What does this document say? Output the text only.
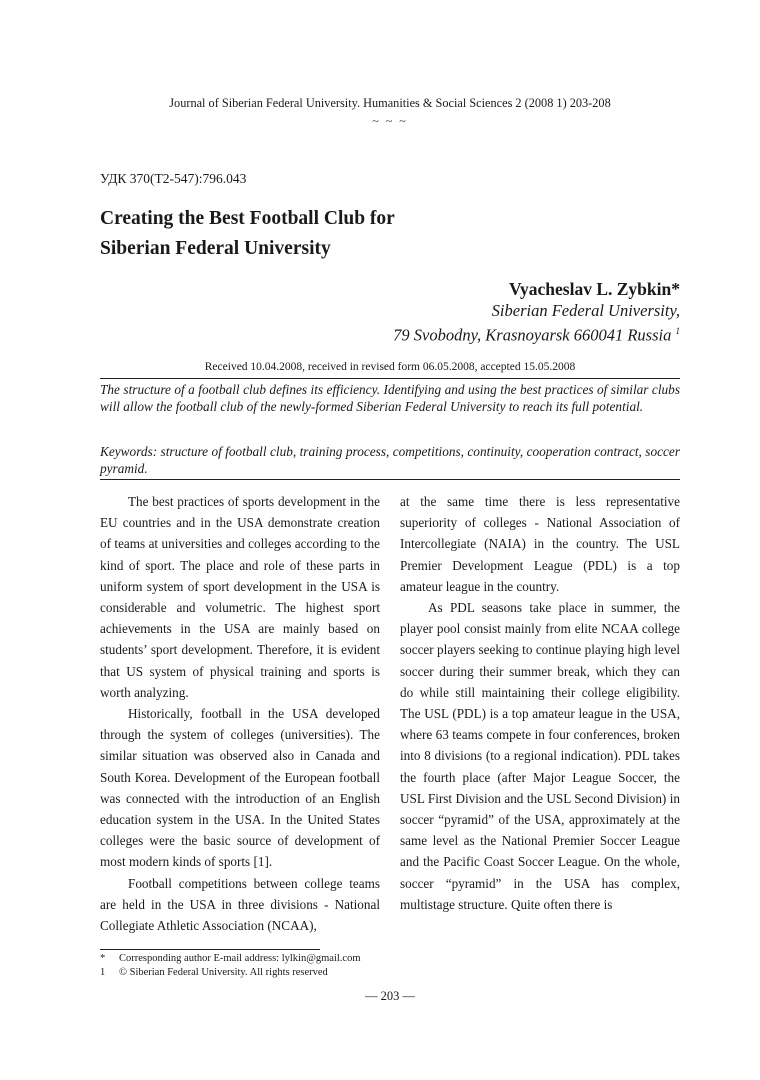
Journal of Siberian Federal University. Humanities & Social Sciences 2 (2008 1) 203-208
~ ~ ~
УДК 370(Т2-547):796.043
Creating the Best Football Club for
Siberian Federal University
Vyacheslav L. Zybkin*
Siberian Federal University,
79 Svobodny, Krasnoyarsk 660041 Russia $^1$
Received 10.04.2008, received in revised form 06.05.2008, accepted 15.05.2008

The structure of a football club defines its efficiency. Identifying and using the best practices of similar clubs will allow the football club of the newly-formed Siberian Federal University to reach its full potential.

Keywords: structure of football club, training process, competitions, continuity, cooperation contract, soccer pyramid.

The best practices of sports development in the EU countries and in the USA demonstrate creation of teams at universities and colleges according to the kind of sport. The place and role of these parts in uniform system of sport development in the USA is considerable and volumetric. The highest sport achievements in the USA are mainly based on students’ sport development. Therefore, it is evident that US system of physical training and sports is worth analyzing.

Historically, football in the USA developed through the system of colleges (universities). The similar situation was observed also in Canada and South Korea. Development of the European football was connected with the introduction of an English education system in the USA. In the United States colleges were the basic source of development of most modern kinds of sports [1].

Football competitions between college teams are held in the USA in three divisions - National Collegiate Athletic Association (NCAA),

at the same time there is less representative superiority of colleges - National Association of Intercollegiate (NAIA) in the country. The USL Premier Development League (PDL) is a top amateur league in the country.

As PDL seasons take place in summer, the player pool consist mainly from elite NCAA college soccer players seeking to continue playing high level soccer during their summer break, which they can do while still maintaining their college eligibility. The USL (PDL) is a top amateur league in the USA, where 63 teams compete in four conferences, broken into 8 divisions (to a regional indication). PDL takes the fourth place (after Major League Soccer, the USL First Division and the USL Second Division) in soccer “pyramid” of the USA, approximately at the same level as the National Premier Soccer League and the Pacific Coast Soccer League. On the whole, soccer “pyramid” in the USA has complex, multistage structure. Quite often there is

*	Corresponding author E-mail address: lylkin@gmail.com
1	© Siberian Federal University. All rights reserved
— 203 —
